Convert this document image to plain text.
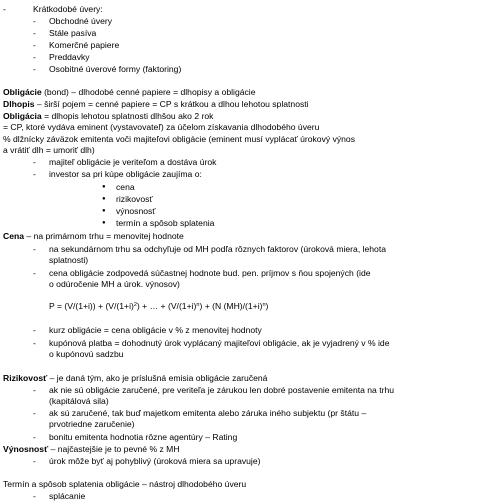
-	Krátkodobé úvery:
- Obchodné úvery
- Stále pasíva
- Komerčné papiere
- Preddavky
- Osobitné úverové formy (faktoring)
Obligácie (bond) – dlhodobé cenné papiere = dlhopisy a obligácie
Dlhopis – širší pojem = cenné papiere = CP s krátkou a dlhou lehotou splatnosti
Obligácia = dlhopis lehotou splatnosti dlhšou ako 2 rok
= CP, ktoré vydáva eminent (vystavovateľ) za účelom získavania dlhodobého úveru
% dlžnícky záväzok emitenta voči majiteľovi obligácie (eminent musí vyplácať úrokový výnos
a vrátiť dlh = umoriť dlh)
- majiteľ obligácie je veriteľom a dostáva úrok
- investor sa pri kúpe obligácie zaujíma o:
● cena
● rizikovosť
● výnosnosť
● termín a spôsob splatenia
Cena – na primárnom trhu = menovitej hodnote
- na sekundárnom trhu sa odchyľuje od MH podľa rôznych faktorov (úroková miera, lehota
splatnosti)
- cena obligácie zodpovedá súčastnej hodnote bud. pen. príjmov s ňou spojených (ide
o odúročenie MH a úrok. výnosov)
$P = (V/(1+i)) + (V/(1+i)^2)$ + … + $(V/(1+i)^n) + (N$ $(MH)/(1+i)^n$)
- kurz obligácie = cena obligácie v % z menovitej hodnoty
- kupónová platba = dohodnutý úrok vyplácaný majiteľovi obligácie, ak je vyjadrený v % ide
o kupónovú sadzbu
Rizikovosť – je daná tým, ako je príslušná emisia obligácie zaručená
- ak nie sú obligácie zaručené, pre veriteľa je zárukou len dobré postavenie emitenta na trhu
(kapitálová sila)
- ak sú zaručené, tak buď majetkom emitenta alebo záruka iného subjektu (pr štátu –
prvotriedne zaručenie)
- bonitu emitenta hodnotia rôzne agentúry – Rating
Výnosnosť – najčastejšie je to pevné % z MH
- úrok môže byť aj pohyblivý (úroková miera sa upravuje)
Termín a spôsob splatenia obligácie – nástroj dlhodobého úveru
- splácanie
